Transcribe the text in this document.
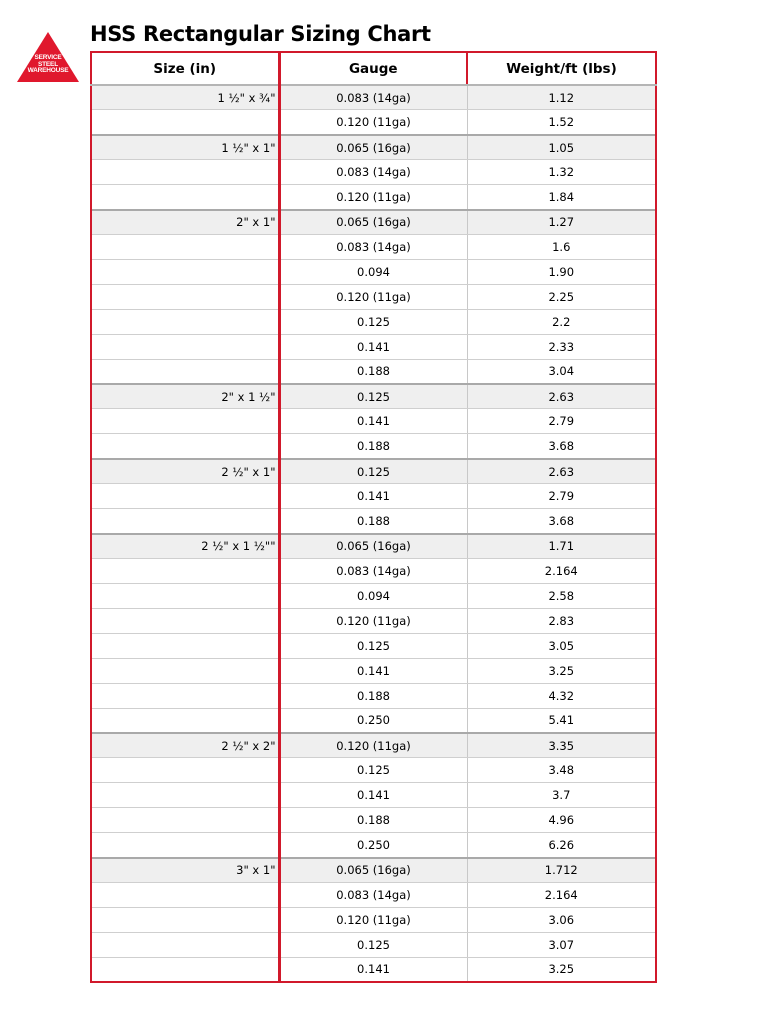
SERVICE
STEEL
WAREHOUSE
HSS Rectangular Sizing Chart
Size (in)	Gauge	Weight/ft (lbs)
1 ½" x ¾"	0.083 (14ga)	1.12
	0.120 (11ga)	1.52
1 ½" x 1"	0.065 (16ga)	1.05
	0.083 (14ga)	1.32
	0.120 (11ga)	1.84
2" x 1"	0.065 (16ga)	1.27
	0.083 (14ga)	1.6
	0.094	1.90
	0.120 (11ga)	2.25
	0.125	2.2
	0.141	2.33
	0.188	3.04
2" x 1 ½"	0.125	2.63
	0.141	2.79
	0.188	3.68
2 ½" x 1"	0.125	2.63
	0.141	2.79
	0.188	3.68
2 ½" x 1 ½""	0.065 (16ga)	1.71
	0.083 (14ga)	2.164
	0.094	2.58
	0.120 (11ga)	2.83
	0.125	3.05
	0.141	3.25
	0.188	4.32
	0.250	5.41
2 ½" x 2"	0.120 (11ga)	3.35
	0.125	3.48
	0.141	3.7
	0.188	4.96
	0.250	6.26
3" x 1"	0.065 (16ga)	1.712
	0.083 (14ga)	2.164
	0.120 (11ga)	3.06
	0.125	3.07
	0.141	3.25
